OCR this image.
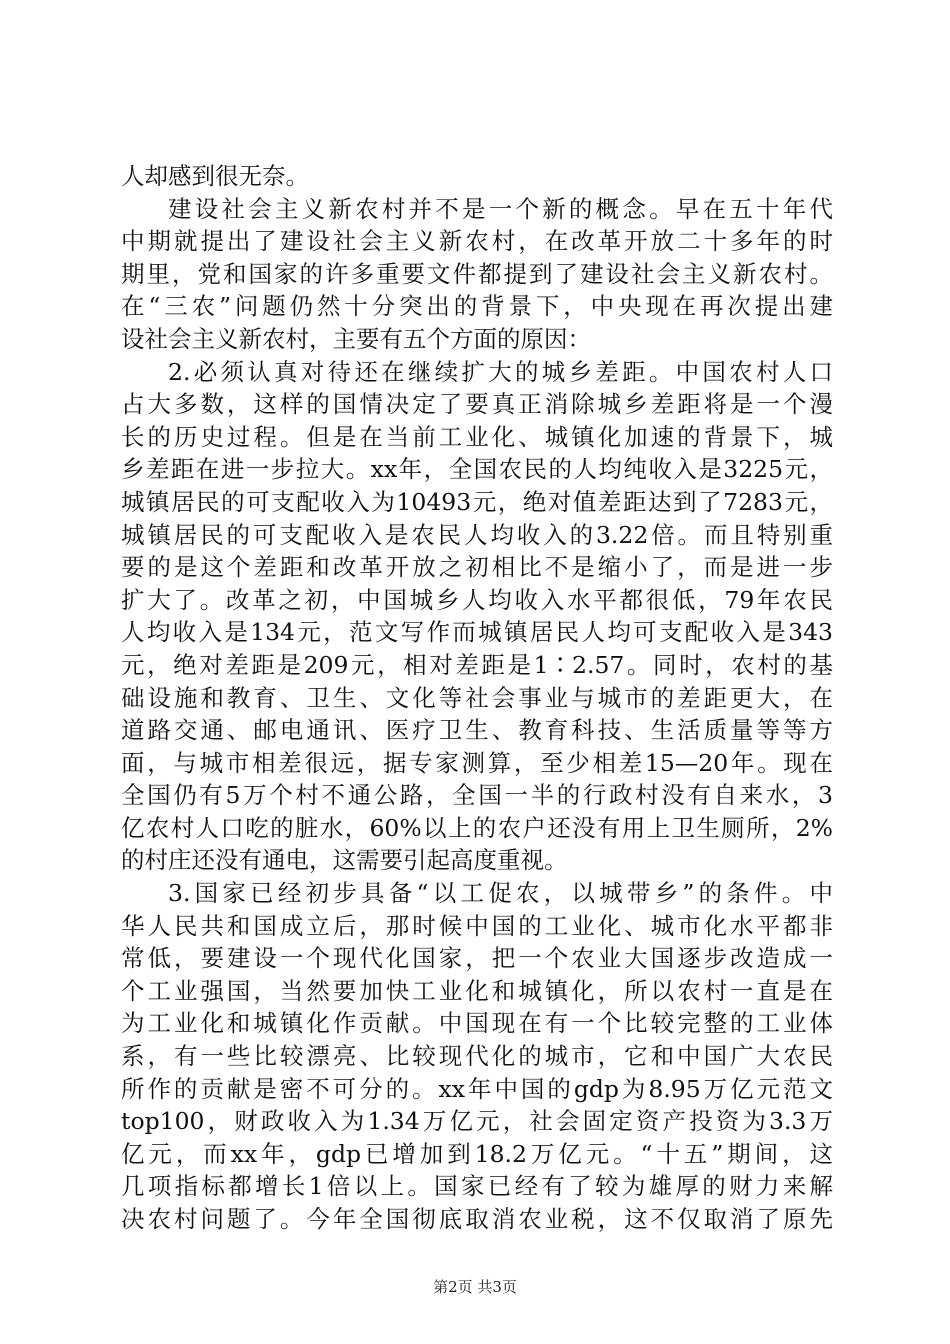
人却感到很无奈。
建设社会主义新农村并不是一个新的概念。早在五十年代
中期就提出了建设社会主义新农村，在改革开放二十多年的时
期里，党和国家的许多重要文件都提到了建设社会主义新农村。
在“三农”问题仍然十分突出的背景下，中央现在再次提出建
设社会主义新农村，主要有五个方面的原因：
2.必须认真对待还在继续扩大的城乡差距。中国农村人口
占大多数，这样的国情决定了要真正消除城乡差距将是一个漫
长的历史过程。但是在当前工业化、城镇化加速的背景下，城
乡差距在进一步拉大。xx年，全国农民的人均纯收入是3225元，
城镇居民的可支配收入为10493元，绝对值差距达到了7283元，
城镇居民的可支配收入是农民人均收入的3.22倍。而且特别重
要的是这个差距和改革开放之初相比不是缩小了，而是进一步
扩大了。改革之初，中国城乡人均收入水平都很低，79年农民
人均收入是134元，范文写作而城镇居民人均可支配收入是343
元，绝对差距是209元，相对差距是1∶2.57。同时，农村的基
础设施和教育、卫生、文化等社会事业与城市的差距更大，在
道路交通、邮电通讯、医疗卫生、教育科技、生活质量等等方
面，与城市相差很远，据专家测算，至少相差15—20年。现在
全国仍有5万个村不通公路，全国一半的行政村没有自来水，3
亿农村人口吃的脏水，60%以上的农户还没有用上卫生厕所，2%
的村庄还没有通电，这需要引起高度重视。
3.国家已经初步具备“以工促农，以城带乡”的条件。中
华人民共和国成立后，那时候中国的工业化、城市化水平都非
常低，要建设一个现代化国家，把一个农业大国逐步改造成一
个工业强国，当然要加快工业化和城镇化，所以农村一直是在
为工业化和城镇化作贡献。中国现在有一个比较完整的工业体
系，有一些比较漂亮、比较现代化的城市，它和中国广大农民
所作的贡献是密不可分的。xx年中国的gdp为8.95万亿元范文
top100，财政收入为1.34万亿元，社会固定资产投资为3.3万
亿元，而xx年，gdp已增加到18.2万亿元。“十五”期间，这
几项指标都增长1倍以上。国家已经有了较为雄厚的财力来解
决农村问题了。今年全国彻底取消农业税，这不仅取消了原先
第2页 共3页
